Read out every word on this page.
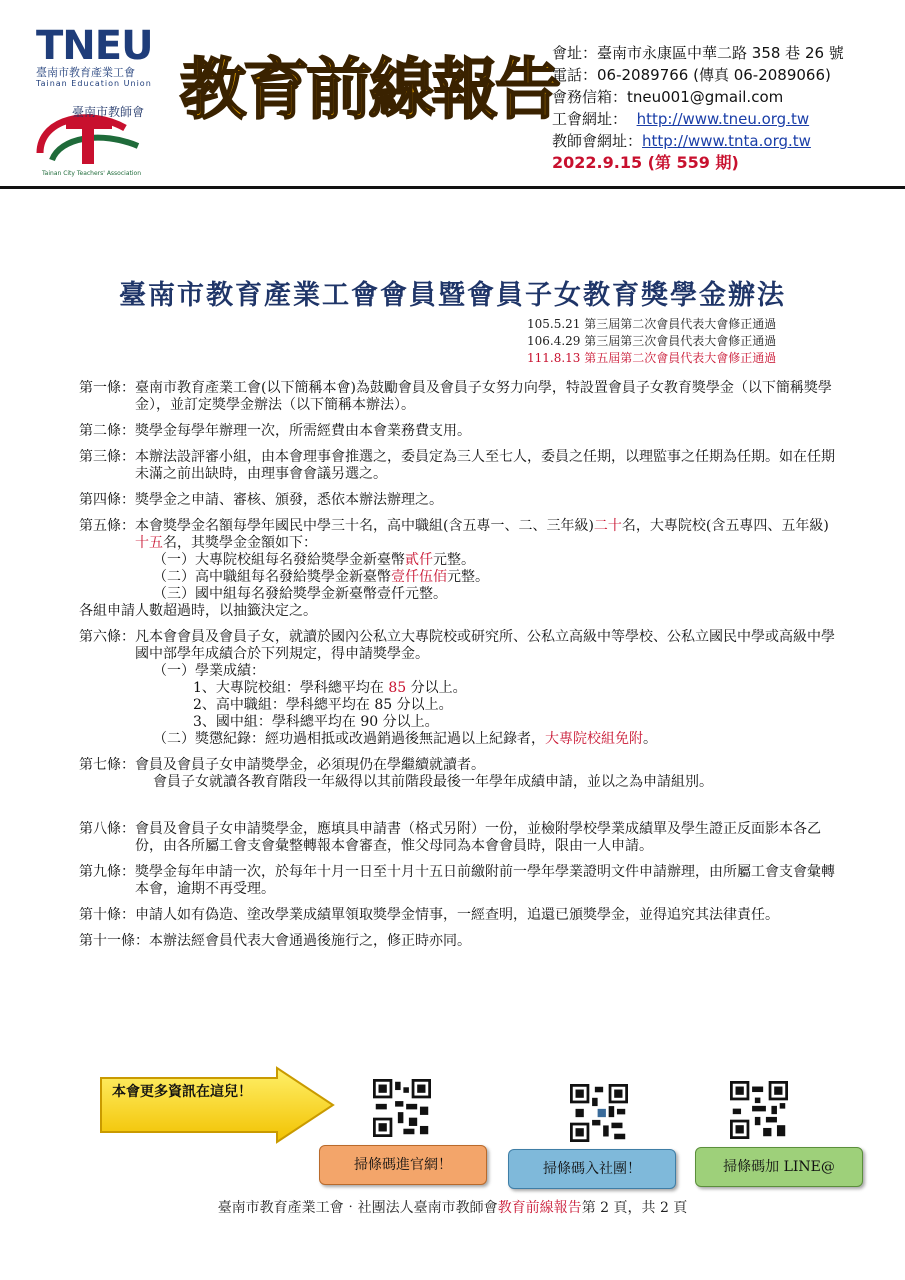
TNEU
臺南市教育產業工會
Tainan Education Union
臺南市教師會
Tainan City Teachers' Association
教育前線報告
會址：臺南市永康區中華二路 358 巷 26 號
電話：06-2089766 (傳真 06-2089066)
會務信箱：tneu001@gmail.com
工會網址： http://www.tneu.org.tw
教師會網址：http://www.tnta.org.tw
2022.9.15 (第 559 期)
臺南市教育產業工會會員暨會員子女教育獎學金辦法
105.5.21 第三屆第二次會員代表大會修正通過
106.4.29 第三屆第三次會員代表大會修正通過
111.8.13 第五屆第二次會員代表大會修正通過
第一條： 臺南市教育產業工會(以下簡稱本會)為鼓勵會員及會員子女努力向學，特設置會員子女教育獎學金（以下簡稱獎學金），並訂定獎學金辦法（以下簡稱本辦法）。
第二條： 獎學金每學年辦理一次，所需經費由本會業務費支用。
第三條： 本辦法設評審小組，由本會理事會推選之，委員定為三人至七人，委員之任期，以理監事之任期為任期。如在任期未滿之前出缺時，由理事會會議另選之。
第四條： 獎學金之申請、審核、頒發，悉依本辦法辦理之。
第五條： 本會獎學金名額每學年國民中學三十名，高中職組(含五專一、二、三年級)二十名，大專院校(含五專四、五年級)十五名，其獎學金金額如下：
（一）大專院校組每名發給獎學金新臺幣貳仟元整。
（二）高中職組每名發給獎學金新臺幣壹仟伍佰元整。
（三）國中組每名發給獎學金新臺幣壹仟元整。
各組申請人數超過時，以抽籤決定之。
第六條： 凡本會會員及會員子女，就讀於國內公私立大專院校或研究所、公私立高級中等學校、公私立國民中學或高級中學國中部學年成績合於下列規定，得申請獎學金。
（一）學業成績：
1、大專院校組：學科總平均在 85 分以上。
2、高中職組：學科總平均在 85 分以上。
3、國中組：學科總平均在 90 分以上。
（二）獎懲紀錄：經功過相抵或改過銷過後無記過以上紀錄者，大專院校組免附。
第七條： 會員及會員子女申請獎學金，必須現仍在學繼續就讀者。
會員子女就讀各教育階段一年級得以其前階段最後一年學年成績申請，並以之為申請組別。
第八條： 會員及會員子女申請獎學金，應填具申請書（格式另附）一份，並檢附學校學業成績單及學生證正反面影本各乙份，由各所屬工會支會彙整轉報本會審查，惟父母同為本會會員時，限由一人申請。
第九條： 獎學金每年申請一次，於每年十月一日至十月十五日前繳附前一學年學業證明文件申請辦理，由所屬工會支會彙轉本會，逾期不再受理。
第十條： 申請人如有偽造、塗改學業成績單領取獎學金情事，一經查明，追還已頒獎學金，並得追究其法律責任。
第十一條： 本辦法經會員代表大會通過後施行之，修正時亦同。
本會更多資訊在這兒！
掃條碼進官網！	掃條碼入社團！	掃條碼加 LINE@
臺南市教育產業工會‧社團法人臺南市教師會教育前線報告第 2 頁，共 2 頁
